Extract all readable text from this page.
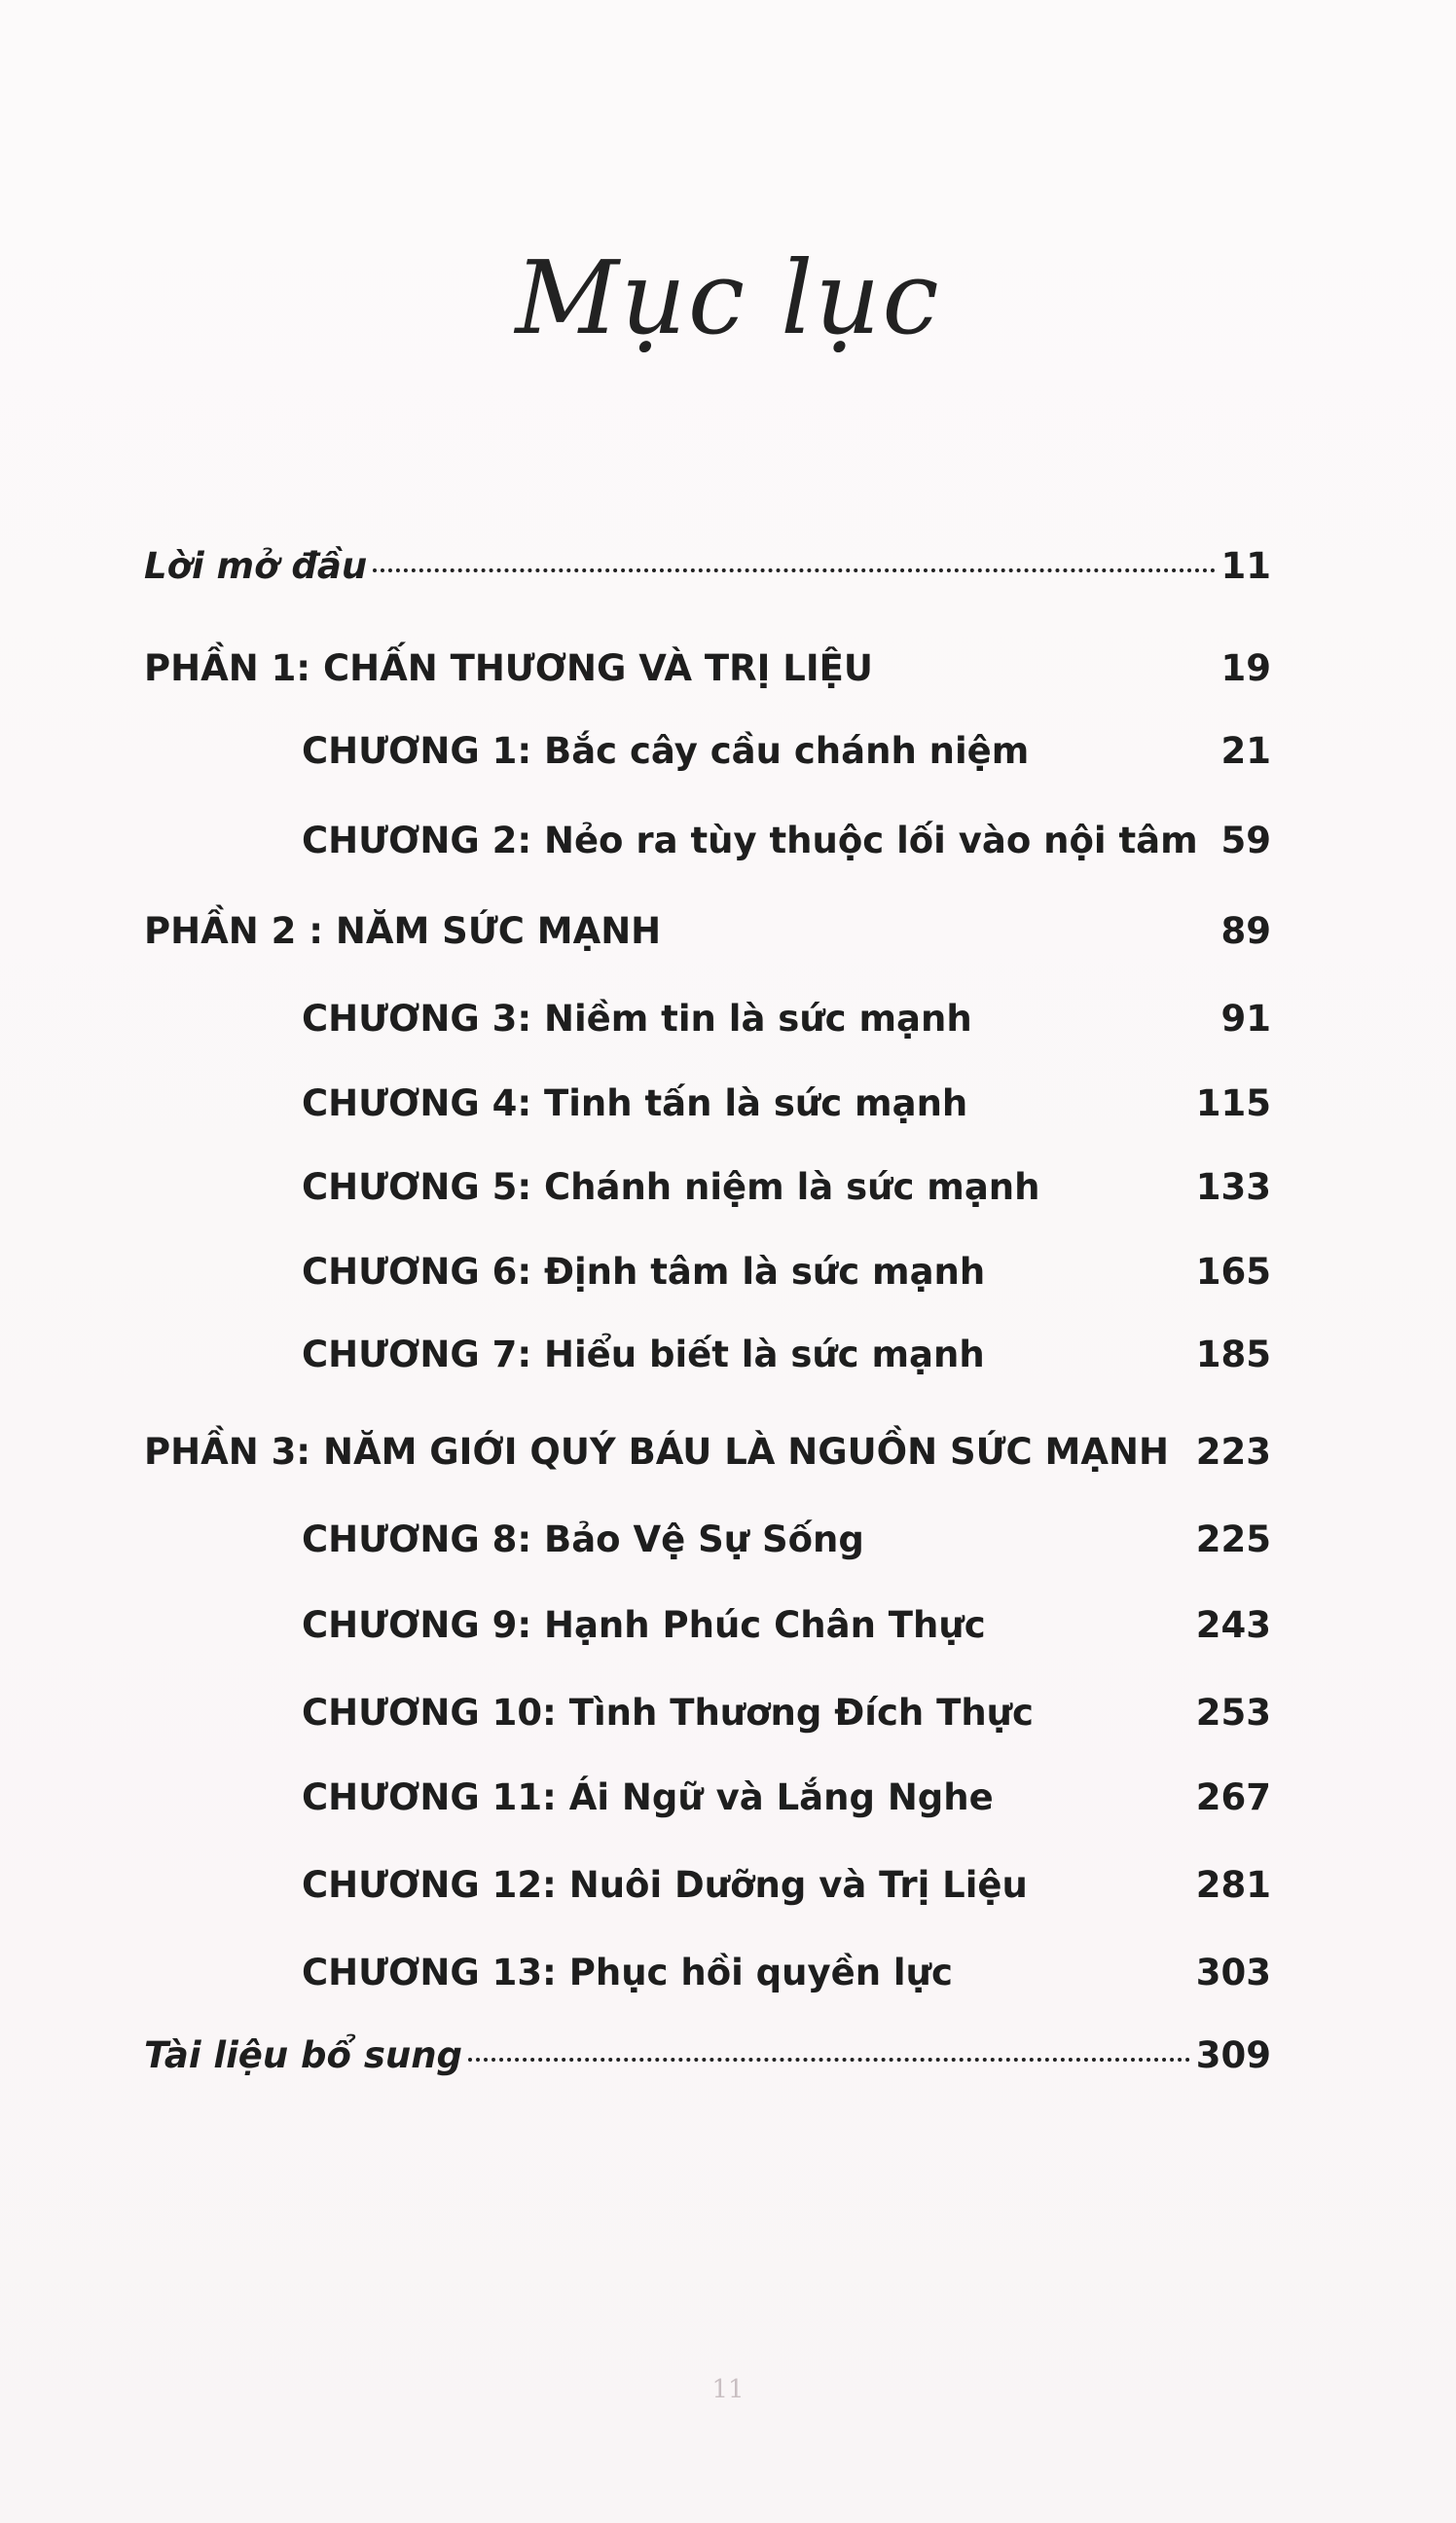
Mục lục
Lời mở đầu	11
PHẦN 1: CHẤN THƯƠNG VÀ TRỊ LIỆU	19
CHƯƠNG 1: Bắc cây cầu chánh niệm	21
CHƯƠNG 2: Nẻo ra tùy thuộc lối vào nội tâm 59
PHẦN 2 : NĂM SỨC MẠNH	89
CHƯƠNG 3: Niềm tin là sức mạnh	91
CHƯƠNG 4: Tinh tấn là sức mạnh	115
CHƯƠNG 5: Chánh niệm là sức mạnh	133
CHƯƠNG 6: Định tâm là sức mạnh	165
CHƯƠNG 7: Hiểu biết là sức mạnh	185
PHẦN 3: NĂM GIỚI QUÝ BÁU LÀ NGUỒN SỨC MẠNH 223
CHƯƠNG 8: Bảo Vệ Sự Sống	225
CHƯƠNG 9: Hạnh Phúc Chân Thực	243
CHƯƠNG 10: Tình Thương Đích Thực	253
CHƯƠNG 11: Ái Ngữ và Lắng Nghe	267
CHƯƠNG 12: Nuôi Dưỡng và Trị Liệu	281
CHƯƠNG 13: Phục hồi quyền lực	303
Tài liệu bổ sung	309
11
